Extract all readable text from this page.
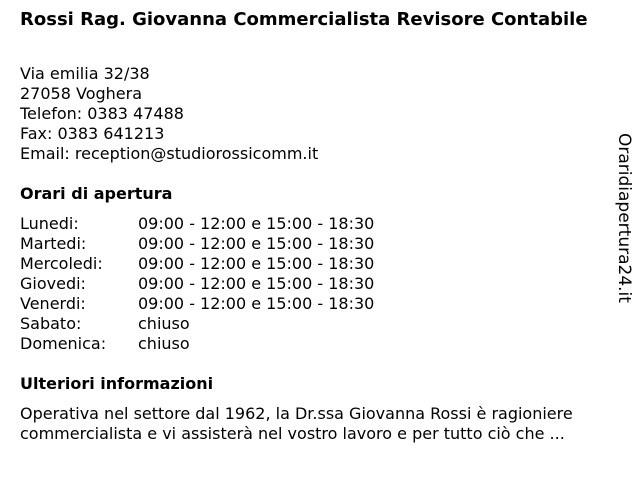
Rossi Rag. Giovanna Commercialista Revisore Contabile
Via emilia 32/38
27058 Voghera
Telefon: 0383 47488
Fax: 0383 641213
Email: reception@studiorossicomm.it
Orari di apertura
Lunedi:	09:00 - 12:00 e 15:00 - 18:30
Martedi:	09:00 - 12:00 e 15:00 - 18:30
Mercoledi: 09:00 - 12:00 e 15:00 - 18:30
Giovedi:	09:00 - 12:00 e 15:00 - 18:30
Venerdi:	09:00 - 12:00 e 15:00 - 18:30
Sabato:	chiuso
Domenica: chiuso
Ulteriori informazioni
Operativa nel settore dal 1962, la Dr.ssa Giovanna Rossi è ragioniere
commercialista e vi assisterà nel vostro lavoro e per tutto ciò che ...
Oraridiapertura24.it
